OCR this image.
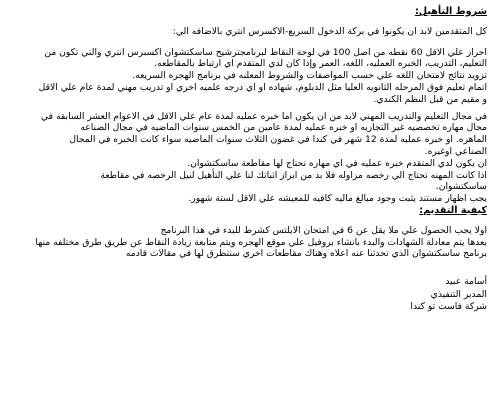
شروط التأهيل:

كل المتقدمين لابد ان يكونوا في بركة الدخول السريع-الاكسرس انتري بالاضافه الي:

احراز علي الاقل 60 نقطه من اصل 100 في لوحة النقاط لبرنامجترشيح ساسكتشوان اكسبرس انتري والتي تكون من

التعليم، التدريب، الخبره العمليه، اللغه، العمر وإذا كان لدي المتقدم اي ارتباط بالمقاطعه.

تزويد نتائج لامتحان اللغه علي حسب المواصفات والشروط المعلنه في برنامج الهجره السريعه.

اتمام تعليم فوق المرحله الثانويه العليا مثل الدبلوم، شهاده او اي درجه علميه اخري او تدريب مهني لمدة عام علي الاقل

و مقيم من قبل النظم الكندي.

في مجال التعليم والتدريب المهني لابد من ان يكون اما خبره عمليه لمدة عام علي الاقل في الاعوام العشر السابقه في

مجال مهاره تخصصيه غير التجاريه او خبره عمليه لمدة عامين من الخمس سنوات الماضيه في مجال الصناعه

الماهره. او خبره عمليه لمدة 12 شهر في كندا في غضون الثلاث سنوات الماضيه سواء كانت الخبره في المجال

الصناعي اوغيره.

ان يكون لدي المتقدم خبره عمليه في اي مهاره تحتاج لها مقاطعة ساسكتشوان.

اذا كانت المهنه تحتاج الي رخصه مزاوله فلا بد من ابراز اثباتك لنا علي التأهيل لنيل الرخصه في مقاطعة

ساسكتشوان.

يجب اظهار مستند يثبت وجود مبالغ ماليه كافيه للمعيشه علي الاقل لستة شهور.

كيفية التقديم:

اولا يجب الحصول علي ملا يقل عن 6 في امتحان الايلتس كشرط للبدء في هذا البرنامج

بعدها يتم معادلة الشهادات والبدء بانشاء بروفيل علي موقع الهجره ويتم متابعة زيادة النقاط عن طريق طرق مختلفه منها

برنامج ساسكتشوان الذي تحدثنا عنه اعلاه وهناك مقاطعات اخري سنتطرق لها في مقالات قادمه

أسامة عبيد

المدير التنفيذي

شركة فاست تو كندا
